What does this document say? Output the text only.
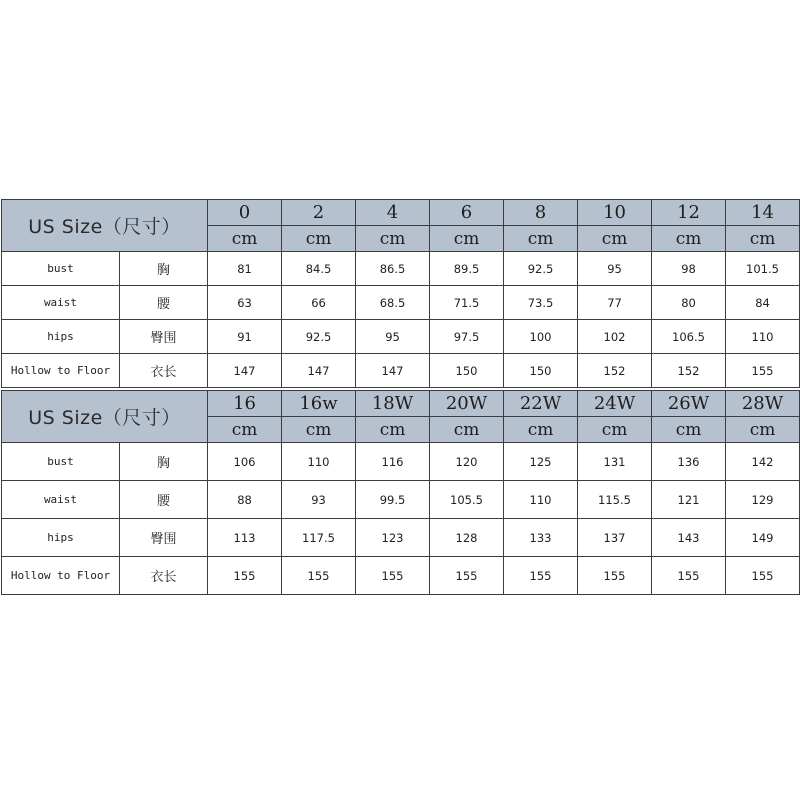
US Size（尺寸）		0	2	4	6	8	10	12	14
		cm	cm	cm	cm	cm	cm	cm	cm
bust	胸	81	84.5	86.5	89.5	92.5	95	98	101.5
waist	腰	63	66	68.5	71.5	73.5	77	80	84
hips	臀围	91	92.5	95	97.5	100	102	106.5	110
Hollow to Floor	衣长	147	147	147	150	150	152	152	155
US Size（尺寸）		16	16w	18W	20W	22W	24W	26W	28W
		cm	cm	cm	cm	cm	cm	cm	cm
bust	胸	106	110	116	120	125	131	136	142
waist	腰	88	93	99.5	105.5	110	115.5	121	129
hips	臀围	113	117.5	123	128	133	137	143	149
Hollow to Floor	衣长	155	155	155	155	155	155	155	155
